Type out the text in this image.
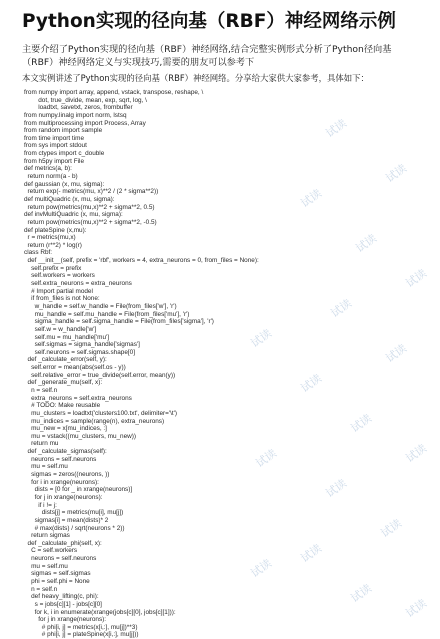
Python实现的径向基（RBF）神经网络示例
主要介绍了Python实现的径向基（RBF）神经网络,结合完整实例形式分析了Python径向基（RBF）神经网络定义与实现技巧,需要的朋友可以参考下
本文实例讲述了Python实现的径向基（RBF）神经网络。分享给大家供大家参考，具体如下：
from numpy import array, append, vstack, transpose, reshape, \
dot, true_divide, mean, exp, sqrt, log, \
loadtxt, savetxt, zeros, frombuffer
from numpy.linalg import norm, lstsq
from multiprocessing import Process, Array
from random import sample
from time import time
from sys import stdout
from ctypes import c_double
from h5py import File
def metrics(a, b):
return norm(a - b)
def gaussian (x, mu, sigma):
return exp(- metrics(mu, x)**2 / (2 * sigma**2))
def multiQuadric (x, mu, sigma):
return pow(metrics(mu,x)**2 + sigma**2, 0.5)
def invMultiQuadric (x, mu, sigma):
return pow(metrics(mu,x)**2 + sigma**2, -0.5)
def plateSpine (x,mu):
r = metrics(mu,x)
return (r**2) * log(r)
class Rbf:
def __init__(self, prefix = 'rbf', workers = 4, extra_neurons = 0, from_files = None):
self.prefix = prefix
self.workers = workers
self.extra_neurons = extra_neurons
# Import partial model
if from_files is not None:
w_handle = self.w_handle = File(from_files['w'], 'r')
mu_handle = self.mu_handle = File(from_files['mu'], 'r')
sigma_handle = self.sigma_handle = File(from_files['sigma'], 'r')
self.w = w_handle['w']
self.mu = mu_handle['mu']
self.sigmas = sigma_handle['sigmas']
self.neurons = self.sigmas.shape[0]
def _calculate_error(self, y):
self.error = mean(abs(self.os - y))
self.relative_error = true_divide(self.error, mean(y))
def _generate_mu(self, x):
n = self.n
extra_neurons = self.extra_neurons
# TODO: Make reusable
mu_clusters = loadtxt('clusters100.txt', delimiter='\t')
mu_indices = sample(range(n), extra_neurons)
mu_new = x[mu_indices, :]
mu = vstack((mu_clusters, mu_new))
return mu
def _calculate_sigmas(self):
neurons = self.neurons
mu = self.mu
sigmas = zeros((neurons, ))
for i in xrange(neurons):
dists = [0 for _ in xrange(neurons)]
for j in xrange(neurons):
if i != j:
dists[j] = metrics(mu[i], mu[j])
sigmas[i] = mean(dists)* 2
# max(dists) / sqrt(neurons * 2))
return sigmas
def _calculate_phi(self, x):
C = self.workers
neurons = self.neurons
mu = self.mu
sigmas = self.sigmas
phi = self.phi = None
n = self.n
def heavy_lifting(c, phi):
s = jobs[c][1] - jobs[c][0]
for k, i in enumerate(xrange(jobs[c][0], jobs[c][1])):
for j in xrange(neurons):
# phi[i, j] = metrics(x[i,:], mu[j])**3)
# phi[i, j] = plateSpine(x[i,:], mu[j]))
试读
试读
试读
试读
试读
试读
试读
试读
试读
试读
试读
试读
试读
试读
试读
试读
试读
试读
